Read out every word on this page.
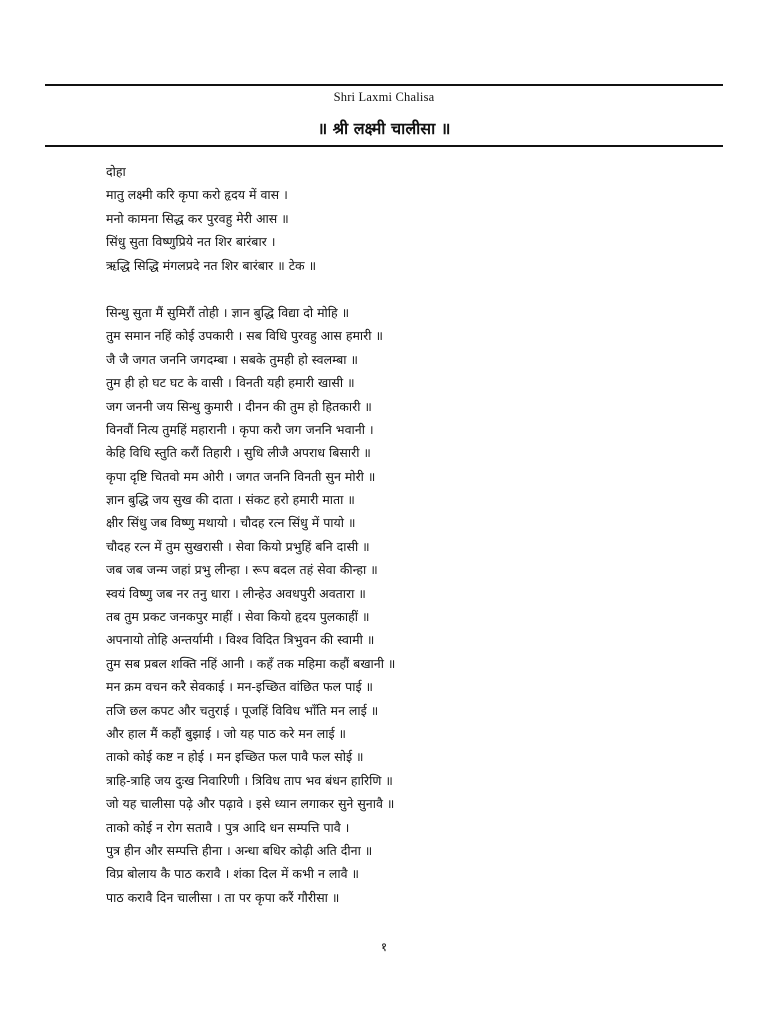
Shri Laxmi Chalisa
॥ श्री लक्ष्मी चालीसा ॥
दोहा
मातु लक्ष्मी करि कृपा करो हृदय में वास ।
मनो कामना सिद्ध कर पुरवहु मेरी आस ॥
सिंधु सुता विष्णुप्रिये नत शिर बारंबार ।
ऋद्धि सिद्धि मंगलप्रदे नत शिर बारंबार ॥ टेक ॥
सिन्धु सुता मैं सुमिरौं तोही । ज्ञान बुद्धि विद्या दो मोहि ॥
तुम समान नहिं कोई उपकारी । सब विधि पुरवहु आस हमारी ॥
जै जै जगत जननि जगदम्बा । सबके तुमही हो स्वलम्बा ॥
तुम ही हो घट घट के वासी । विनती यही हमारी खासी ॥
जग जननी जय सिन्धु कुमारी । दीनन की तुम हो हितकारी ॥
विनवौं नित्य तुमहिं महारानी । कृपा करौ जग जननि भवानी ।
केहि विधि स्तुति करौं तिहारी । सुधि लीजै अपराध बिसारी ॥
कृपा दृष्टि चितवो मम ओरी । जगत जननि विनती सुन मोरी ॥
ज्ञान बुद्धि जय सुख की दाता । संकट हरो हमारी माता ॥
क्षीर सिंधु जब विष्णु मथायो । चौदह रत्न सिंधु में पायो ॥
चौदह रत्न में तुम सुखरासी । सेवा कियो प्रभुहिं बनि दासी ॥
जब जब जन्म जहां प्रभु लीन्हा । रूप बदल तहं सेवा कीन्हा ॥
स्वयं विष्णु जब नर तनु धारा । लीन्हेउ अवधपुरी अवतारा ॥
तब तुम प्रकट जनकपुर माहीं । सेवा कियो हृदय पुलकाहीं ॥
अपनायो तोहि अन्तर्यामी । विश्व विदित त्रिभुवन की स्वामी ॥
तुम सब प्रबल शक्ति नहिं आनी । कहँ तक महिमा कहौं बखानी ॥
मन क्रम वचन करै सेवकाई । मन-इच्छित वांछित फल पाई ॥
तजि छल कपट और चतुराई । पूजहिं विविध भाँति मन लाई ॥
और हाल मैं कहौं बुझाई । जो यह पाठ करे मन लाई ॥
ताको कोई कष्ट न होई । मन इच्छित फल पावै फल सोई ॥
त्राहि-त्राहि जय दुःख निवारिणी । त्रिविध ताप भव बंधन हारिणि ॥
जो यह चालीसा पढ़े और पढ़ावे । इसे ध्यान लगाकर सुने सुनावै ॥
ताको कोई न रोग सतावै । पुत्र आदि धन सम्पत्ति पावै ।
पुत्र हीन और सम्पत्ति हीना । अन्धा बधिर कोढ़ी अति दीना ॥
विप्र बोलाय कै पाठ करावै । शंका दिल में कभी न लावै ॥
पाठ करावै दिन चालीसा । ता पर कृपा करैं गौरीसा ॥
१
